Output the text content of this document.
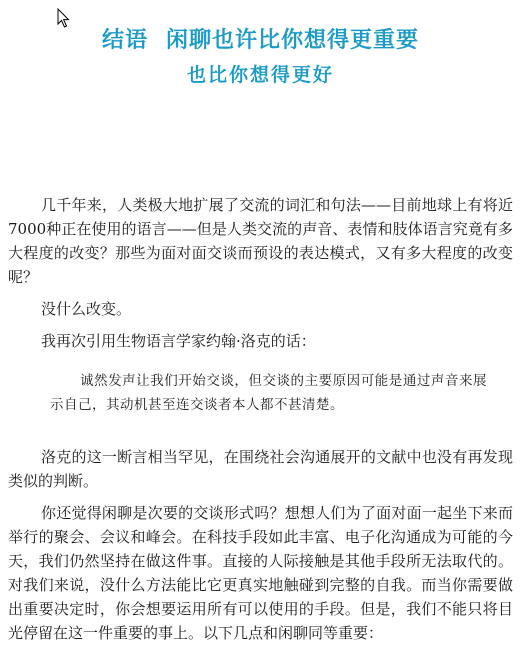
结语 闲聊也许比你想得更重要
也比你想得更好

几千年来，人类极大地扩展了交流的词汇和句法——目前地球上有将近7000种正在使用的语言——但是人类交流的声音、表情和肢体语言究竟有多大程度的改变？那些为面对面交谈而预设的表达模式，又有多大程度的改变呢？

没什么改变。

我再次引用生物语言学家约翰·洛克的话：

诚然发声让我们开始交谈，但交谈的主要原因可能是通过声音来展示自己，其动机甚至连交谈者本人都不甚清楚。

洛克的这一断言相当罕见，在围绕社会沟通展开的文献中也没有再发现类似的判断。

你还觉得闲聊是次要的交谈形式吗？想想人们为了面对面一起坐下来而举行的聚会、会议和峰会。在科技手段如此丰富、电子化沟通成为可能的今天，我们仍然坚持在做这件事。直接的人际接触是其他手段所无法取代的。对我们来说，没什么方法能比它更真实地触碰到完整的自我。而当你需要做出重要决定时，你会想要运用所有可以使用的手段。但是，我们不能只将目光停留在这一件重要的事上。以下几点和闲聊同等重要：
